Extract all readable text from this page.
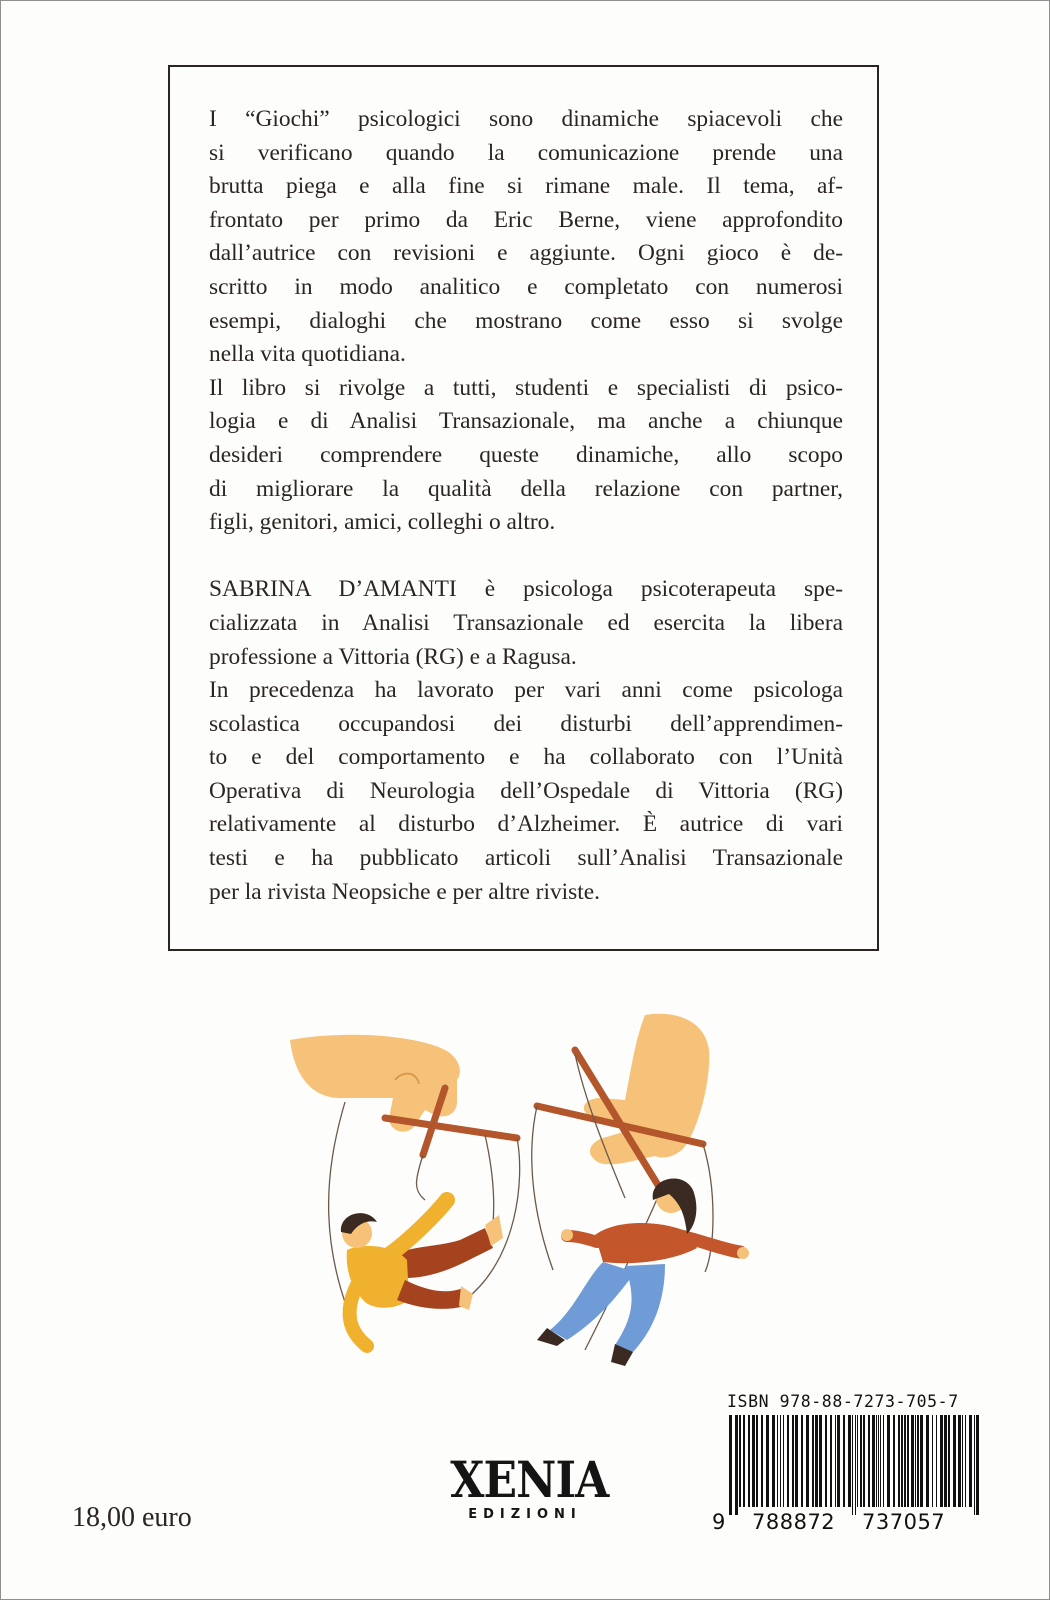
I “Giochi” psicologici sono dinamiche spiacevoli che

si verificano quando la comunicazione prende una

brutta piega e alla fine si rimane male. Il tema, af-

frontato per primo da Eric Berne, viene approfondito

dall’autrice con revisioni e aggiunte. Ogni gioco è de-

scritto in modo analitico e completato con numerosi

esempi, dialoghi che mostrano come esso si svolge

nella vita quotidiana.

Il libro si rivolge a tutti, studenti e specialisti di psico-

logia e di Analisi Transazionale, ma anche a chiunque

desideri comprendere queste dinamiche, allo scopo

di migliorare la qualità della relazione con partner,

figli, genitori, amici, colleghi o altro.

SABRINA D’AMANTI è psicologa psicoterapeuta spe-

cializzata in Analisi Transazionale ed esercita la libera

professione a Vittoria (RG) e a Ragusa.

In precedenza ha lavorato per vari anni come psicologa

scolastica occupandosi dei disturbi dell’apprendimen-

to e del comportamento e ha collaborato con l’Unità

Operativa di Neurologia dell’Ospedale di Vittoria (RG)

relativamente al disturbo d’Alzheimer. È autrice di vari

testi e ha pubblicato articoli sull’Analisi Transazionale

per la rivista Neopsiche e per altre riviste.

ISBN 978-88-7273-705-7
9 788872 737057
18,00 euro
XENIA
EDIZIONI
